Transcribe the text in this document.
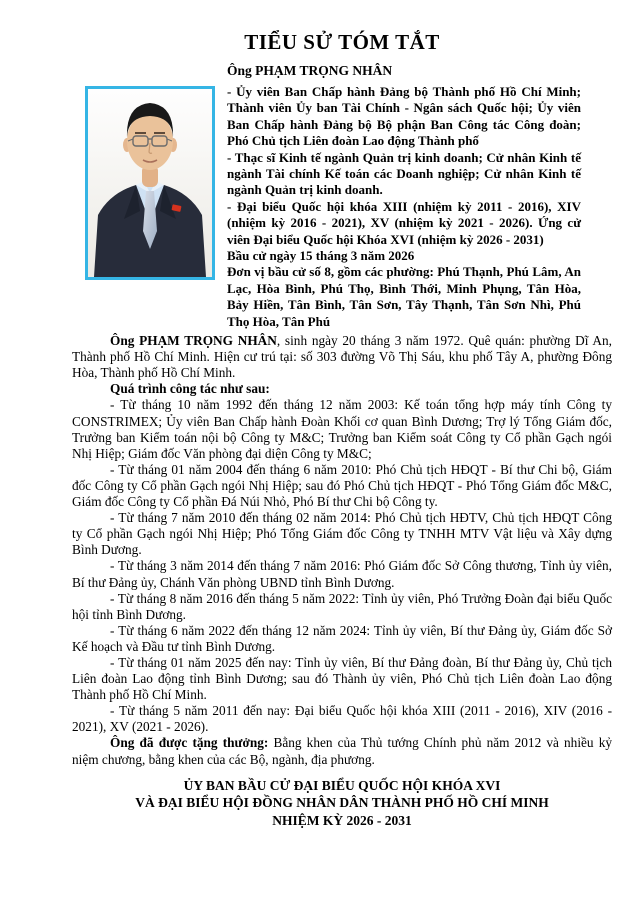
TIỂU SỬ TÓM TẮT
Ông PHẠM TRỌNG NHÂN

- Ủy viên Ban Chấp hành Đảng bộ Thành phố Hồ Chí Minh; Thành viên Ủy ban Tài Chính - Ngân sách Quốc hội; Ủy viên Ban Chấp hành Đảng bộ Bộ phận Ban Công tác Công đoàn; Phó Chủ tịch Liên đoàn Lao động Thành phố

- Thạc sĩ Kinh tế ngành Quản trị kinh doanh; Cử nhân Kinh tế ngành Tài chính Kế toán các Doanh nghiệp; Cử nhân Kinh tế ngành Quản trị kinh doanh.

- Đại biểu Quốc hội khóa XIII (nhiệm kỳ 2011 - 2016), XIV (nhiệm kỳ 2016 - 2021), XV (nhiệm kỳ 2021 - 2026). Ứng cử viên Đại biểu Quốc hội Khóa XVI (nhiệm kỳ 2026 - 2031)

Bầu cử ngày 15 tháng 3 năm 2026

Đơn vị bầu cử số 8, gồm các phường: Phú Thạnh, Phú Lâm, An Lạc, Hòa Bình, Phú Thọ, Bình Thới, Minh Phụng, Tân Hòa, Bảy Hiền, Tân Bình, Tân Sơn, Tây Thạnh, Tân Sơn Nhì, Phú Thọ Hòa, Tân Phú

Ông PHẠM TRỌNG NHÂN, sinh ngày 20 tháng 3 năm 1972. Quê quán: phường Dĩ An, Thành phố Hồ Chí Minh. Hiện cư trú tại: số 303 đường Võ Thị Sáu, khu phố Tây A, phường Đông Hòa, Thành phố Hồ Chí Minh.

Quá trình công tác như sau:

- Từ tháng 10 năm 1992 đến tháng 12 năm 2003: Kế toán tổng hợp máy tính Công ty CONSTRIMEX; Ủy viên Ban Chấp hành Đoàn Khối cơ quan Bình Dương; Trợ lý Tổng Giám đốc, Trưởng ban Kiểm toán nội bộ Công ty M&C; Trưởng ban Kiểm soát Công ty Cổ phần Gạch ngói Nhị Hiệp; Giám đốc Văn phòng đại diện Công ty M&C;

- Từ tháng 01 năm 2004 đến tháng 6 năm 2010: Phó Chủ tịch HĐQT - Bí thư Chi bộ, Giám đốc Công ty Cổ phần Gạch ngói Nhị Hiệp; sau đó Phó Chủ tịch HĐQT - Phó Tổng Giám đốc M&C, Giám đốc Công ty Cổ phần Đá Núi Nhỏ, Phó Bí thư Chi bộ Công ty.

- Từ tháng 7 năm 2010 đến tháng 02 năm 2014: Phó Chủ tịch HĐTV, Chủ tịch HĐQT Công ty Cổ phần Gạch ngói Nhị Hiệp; Phó Tổng Giám đốc Công ty TNHH MTV Vật liệu và Xây dựng Bình Dương.

- Từ tháng 3 năm 2014 đến tháng 7 năm 2016: Phó Giám đốc Sở Công thương, Tỉnh ủy viên, Bí thư Đảng ủy, Chánh Văn phòng UBND tỉnh Bình Dương.

- Từ tháng 8 năm 2016 đến tháng 5 năm 2022: Tỉnh ủy viên, Phó Trưởng Đoàn đại biểu Quốc hội tỉnh Bình Dương.

- Từ tháng 6 năm 2022 đến tháng 12 năm 2024: Tỉnh ủy viên, Bí thư Đảng ủy, Giám đốc Sở Kế hoạch và Đầu tư tỉnh Bình Dương.

- Từ tháng 01 năm 2025 đến nay: Tỉnh ủy viên, Bí thư Đảng đoàn, Bí thư Đảng ủy, Chủ tịch Liên đoàn Lao động tỉnh Bình Dương; sau đó Thành ủy viên, Phó Chủ tịch Liên đoàn Lao động Thành phố Hồ Chí Minh.

- Từ tháng 5 năm 2011 đến nay: Đại biểu Quốc hội khóa XIII (2011 - 2016), XIV (2016 - 2021), XV (2021 - 2026).

Ông đã được tặng thưởng: Bằng khen của Thủ tướng Chính phủ năm 2012 và nhiều kỷ niệm chương, bằng khen của các Bộ, ngành, địa phương.

ỦY BAN BẦU CỬ ĐẠI BIỂU QUỐC HỘI KHÓA XVI
VÀ ĐẠI BIỂU HỘI ĐỒNG NHÂN DÂN THÀNH PHỐ HỒ CHÍ MINH
NHIỆM KỲ 2026 - 2031
